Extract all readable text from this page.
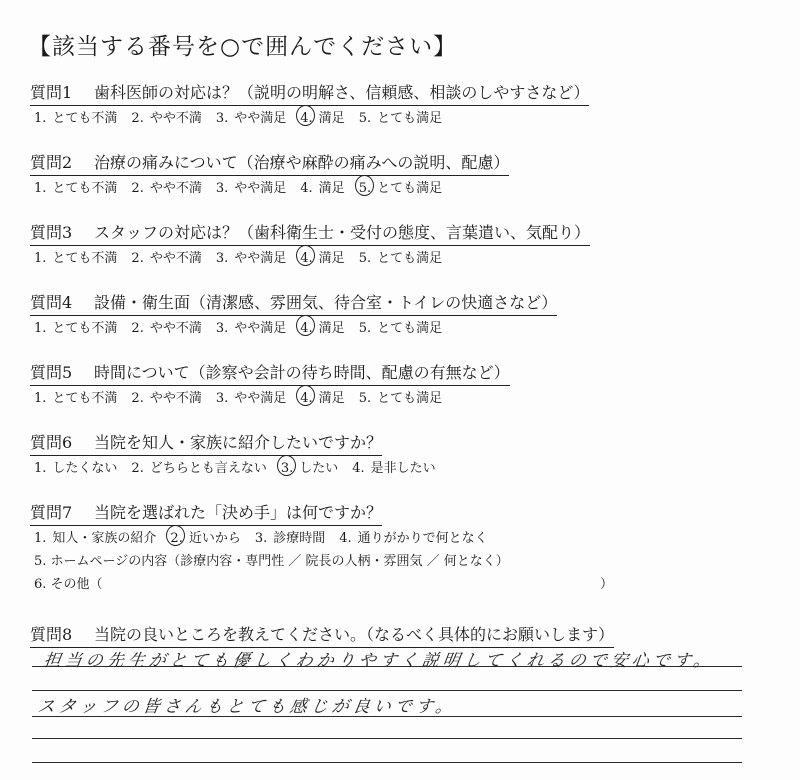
【該当する番号を○で囲んでください】
質問1 歯科医師の対応は？（説明の明解さ、信頼感、相談のしやすさなど）
1. とても不満 2. やや不満 3. やや満足 4. 満足 5. とても満足
質問2 治療の痛みについて（治療や麻酔の痛みへの説明、配慮）
1. とても不満 2. やや不満 3. やや満足 4. 満足 5. とても満足
質問3 スタッフの対応は？（歯科衛生士・受付の態度、言葉遣い、気配り）
1. とても不満 2. やや不満 3. やや満足 4. 満足 5. とても満足
質問4 設備・衛生面（清潔感、雰囲気、待合室・トイレの快適さなど）
1. とても不満 2. やや不満 3. やや満足 4. 満足 5. とても満足
質問5 時間について（診察や会計の待ち時間、配慮の有無など）
1. とても不満 2. やや不満 3. やや満足 4. 満足 5. とても満足
質問6 当院を知人・家族に紹介したいですか？
1. したくない 2. どちらとも言えない 3. したい 4. 是非したい
質問7 当院を選ばれた「決め手」は何ですか？
1. 知人・家族の紹介 2. 近いから 3. 診療時間 4. 通りがかりで何となく
5. ホームページの内容（診療内容・専門性 ／ 院長の人柄・雰囲気 ／ 何となく）
6. その他（	）
質問8 当院の良いところを教えてください。（なるべく具体的にお願いします）
担当の先生がとても優しくわかりやすく説明してくれるので安心です。
スタッフの皆さんもとても感じが良いです。
